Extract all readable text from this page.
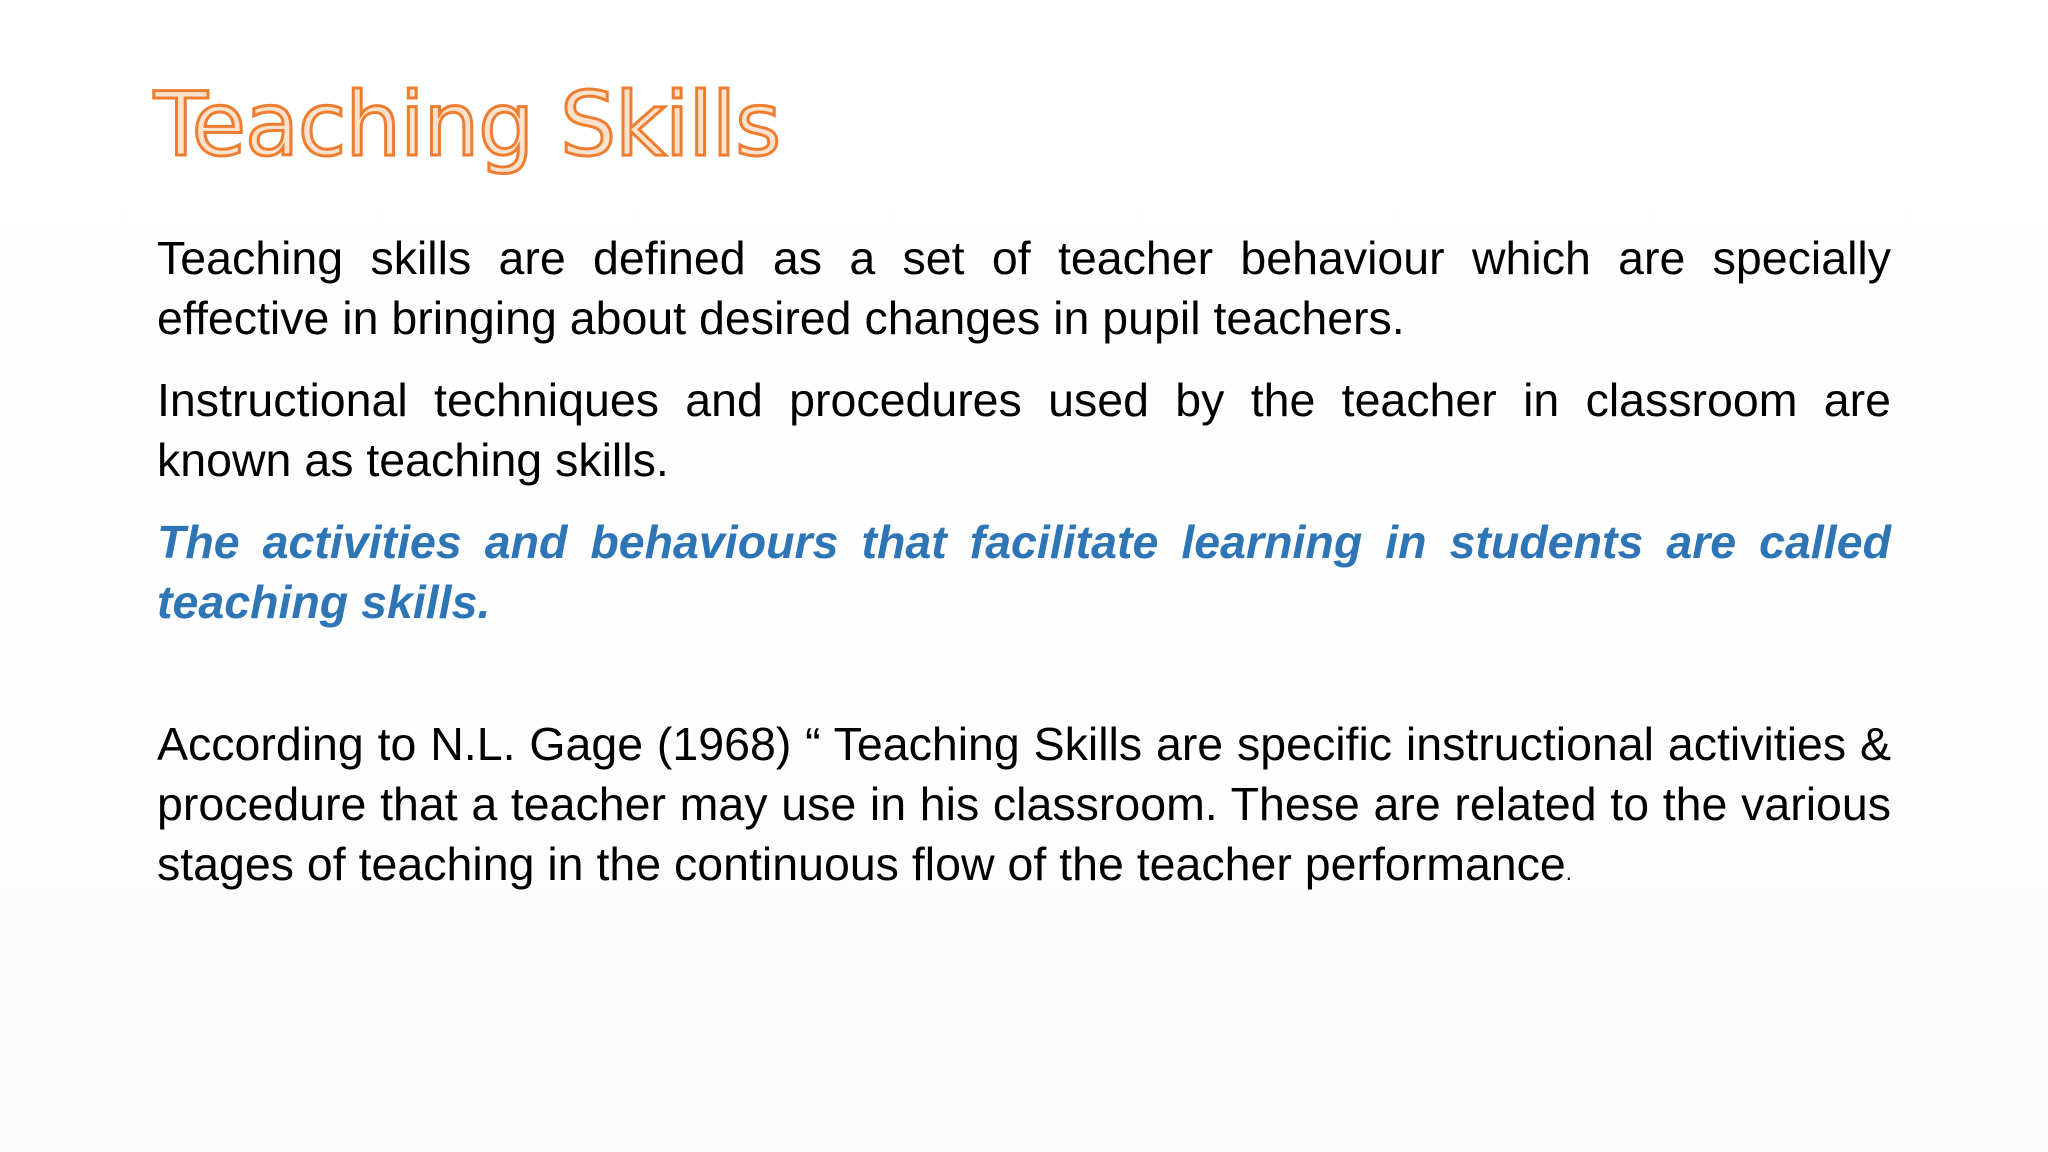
Teaching Skills

Teaching skills are defined as a set of teacher behaviour which are specially effective in bringing about desired changes in pupil teachers.

Instructional techniques and procedures used by the teacher in classroom are known as teaching skills.

The activities and behaviours that facilitate learning in students are called teaching skills.

According to N.L. Gage (1968) “ Teaching Skills are specific instructional activities & procedure that a teacher may use in his classroom. These are related to the various stages of teaching in the continuous flow of the teacher performance.
